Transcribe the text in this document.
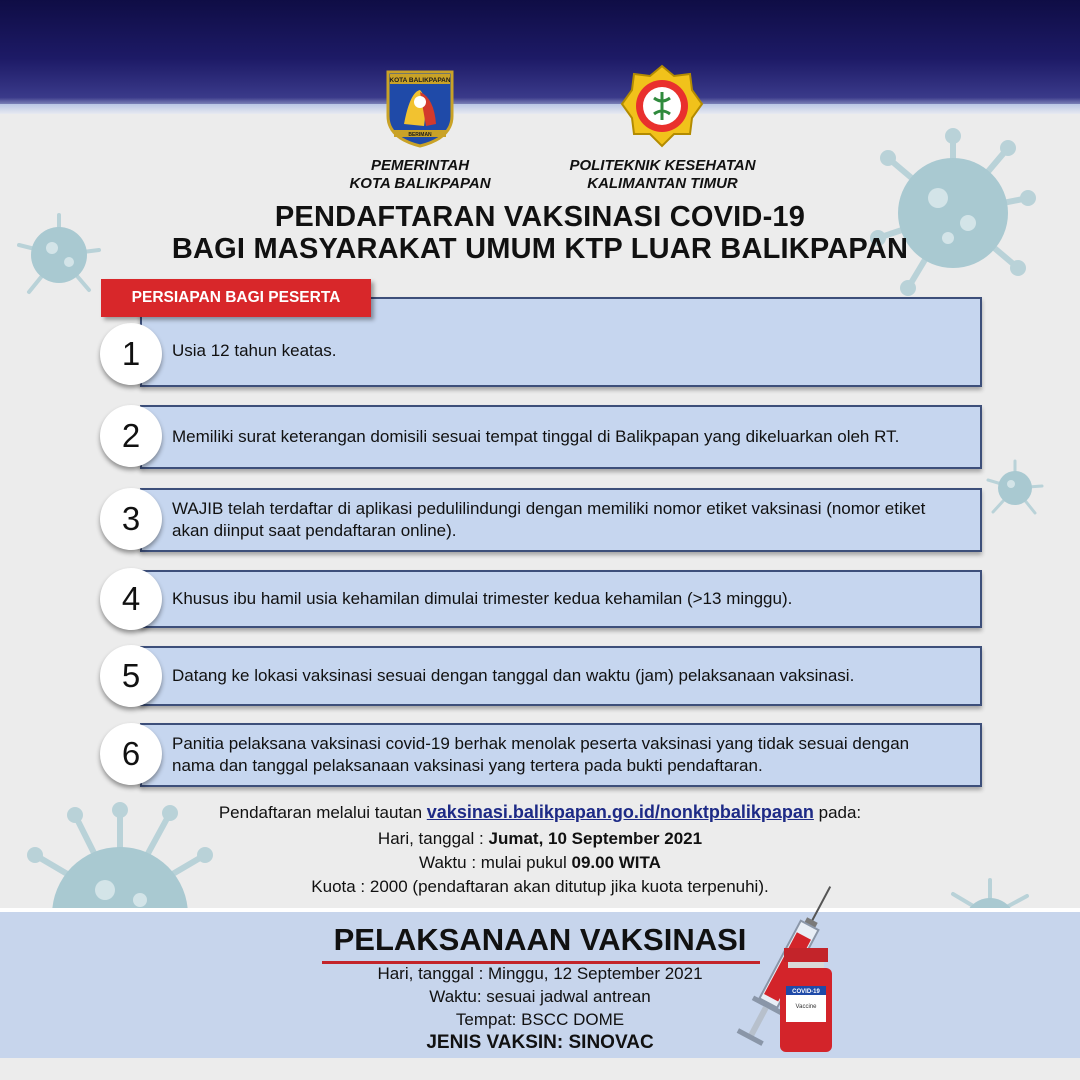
KOTA BALIKPAPAN
BERIMAN
PEMERINTAH
KOTA BALIKPAPAN
POLITEKNIK KESEHATAN
KALIMANTAN TIMUR
PENDAFTARAN VAKSINASI COVID-19
BAGI MASYARAKAT UMUM KTP LUAR BALIKPAPAN
PERSIAPAN BAGI PESERTA
Usia 12 tahun keatas.
1
Memiliki surat keterangan domisili sesuai tempat tinggal di Balikpapan yang dikeluarkan oleh RT.
2
WAJIB telah terdaftar di aplikasi pedulilindungi dengan memiliki nomor etiket vaksinasi (nomor etiket akan diinput saat pendaftaran online).
3
Khusus ibu hamil usia kehamilan dimulai trimester kedua kehamilan (>13 minggu).
4
Datang ke lokasi vaksinasi sesuai dengan tanggal dan waktu (jam) pelaksanaan vaksinasi.
5
Panitia pelaksana vaksinasi covid-19 berhak menolak peserta vaksinasi yang tidak sesuai dengan nama dan tanggal pelaksanaan vaksinasi yang tertera pada bukti pendaftaran.
6
Pendaftaran melalui tautan vaksinasi.balikpapan.go.id/nonktpbalikpapan pada:
Hari, tanggal : Jumat, 10 September 2021
Waktu : mulai pukul 09.00 WITA
Kuota : 2000 (pendaftaran akan ditutup jika kuota terpenuhi).
PELAKSANAAN VAKSINASI
Hari, tanggal : Minggu, 12 September 2021
Waktu: sesuai jadwal antrean
Tempat: BSCC DOME
JENIS VAKSIN: SINOVAC
COVID-19
Vaccine
